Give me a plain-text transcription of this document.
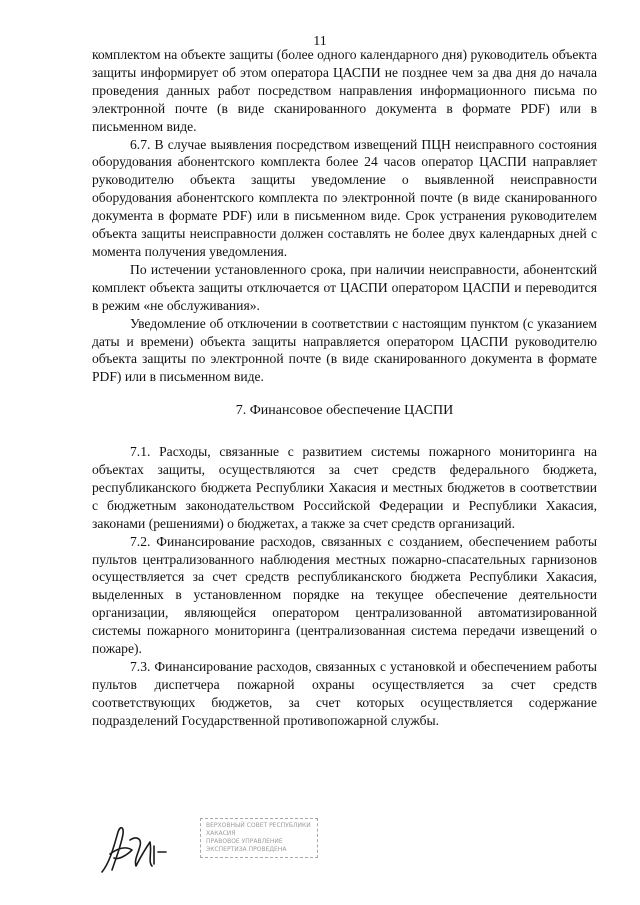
11

комплектом на объекте защиты (более одного календарного дня) руководитель объекта защиты информирует об этом оператора ЦАСПИ не позднее чем за два дня до начала проведения данных работ посредством направления информационного письма по электронной почте (в виде сканированного документа в формате PDF) или в письменном виде.

6.7. В случае выявления посредством извещений ПЦН неисправного состояния оборудования абонентского комплекта более 24 часов оператор ЦАСПИ направляет руководителю объекта защиты уведомление о выявленной неисправности оборудования абонентского комплекта по электронной почте (в виде сканированного документа в формате PDF) или в письменном виде. Срок устранения руководителем объекта защиты неисправности должен составлять не более двух календарных дней с момента получения уведомления.

По истечении установленного срока, при наличии неисправности, абонентский комплект объекта защиты отключается от ЦАСПИ оператором ЦАСПИ и переводится в режим «не обслуживания».

Уведомление об отключении в соответствии с настоящим пунктом (с указанием даты и времени) объекта защиты направляется оператором ЦАСПИ руководителю объекта защиты по электронной почте (в виде сканированного документа в формате PDF) или в письменном виде.

7. Финансовое обеспечение ЦАСПИ

7.1. Расходы, связанные с развитием системы пожарного мониторинга на объектах защиты, осуществляются за счет средств федерального бюджета, республиканского бюджета Республики Хакасия и местных бюджетов в соответствии с бюджетным законодательством Российской Федерации и Республики Хакасия, законами (решениями) о бюджетах, а также за счет средств организаций.

7.2. Финансирование расходов, связанных с созданием, обеспечением работы пультов централизованного наблюдения местных пожарно-спасательных гарнизонов осуществляется за счет средств республиканского бюджета Республики Хакасия, выделенных в установленном порядке на текущее обеспечение деятельности организации, являющейся оператором централизованной автоматизированной системы пожарного мониторинга (централизованная система передачи извещений о пожаре).

7.3. Финансирование расходов, связанных с установкой и обеспечением работы пультов диспетчера пожарной охраны осуществляется за счет средств соответствующих бюджетов, за счет которых осуществляется содержание подразделений Государственной противопожарной службы.

ВЕРХОВНЫЙ СОВЕТ РЕСПУБЛИКИ
ХАКАСИЯ
ПРАВОВОЕ УПРАВЛЕНИЕ
ЭКСПЕРТИЗА ПРОВЕДЕНА
